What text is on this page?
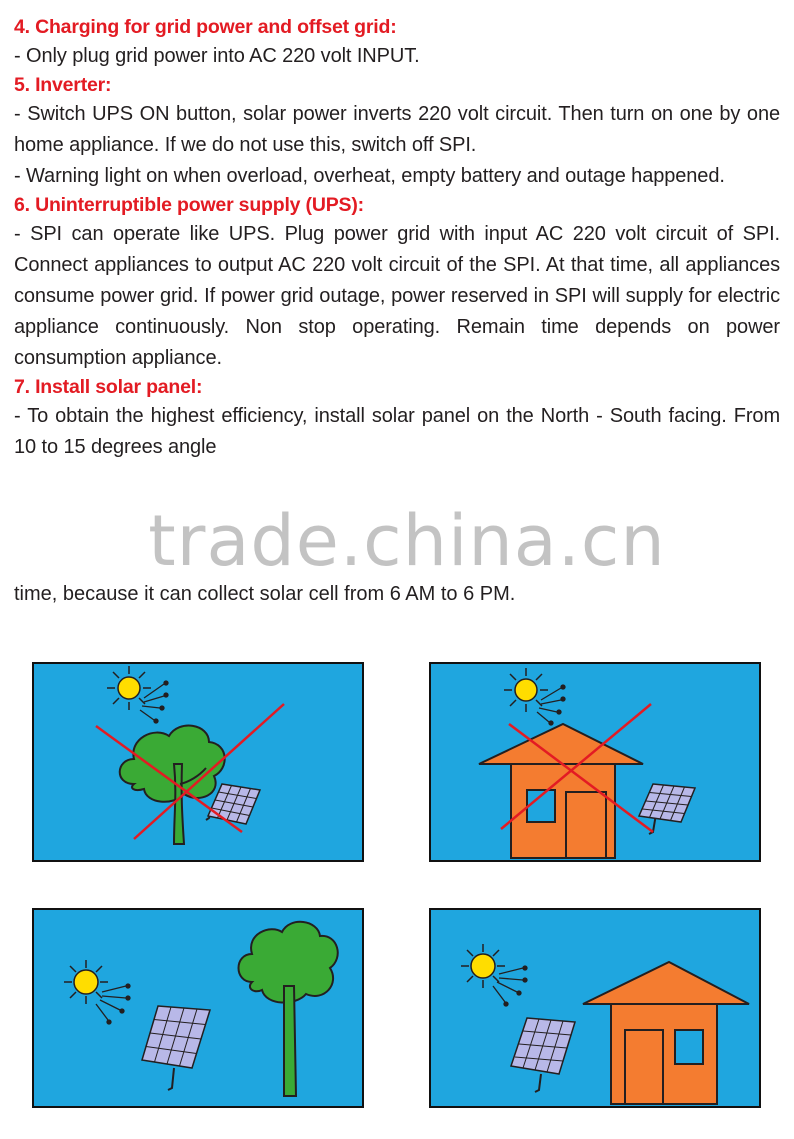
4. Charging for grid power and offset grid:

- Only plug grid power into AC 220 volt INPUT.

5. Inverter:

- Switch UPS ON button, solar power inverts 220 volt circuit. Then turn on one by one home appliance. If we do not use this, switch off SPI.

- Warning light on when overload, overheat, empty battery and outage happened.

6. Uninterruptible power supply (UPS):

- SPI can operate like UPS. Plug power grid with input AC 220 volt circuit of SPI. Connect appliances to output AC 220 volt circuit of the SPI. At that time, all appliances consume power grid. If power grid outage, power reserved in SPI will supply for electric appliance continuously. Non stop operating. Remain time depends on power consumption appliance.

7. Install solar panel:

- To obtain the highest efficiency, install solar panel on the North - South facing. From 10 to 15 degrees angle

trade.china.cn
time, because it can collect solar cell from 6 AM to 6 PM.
